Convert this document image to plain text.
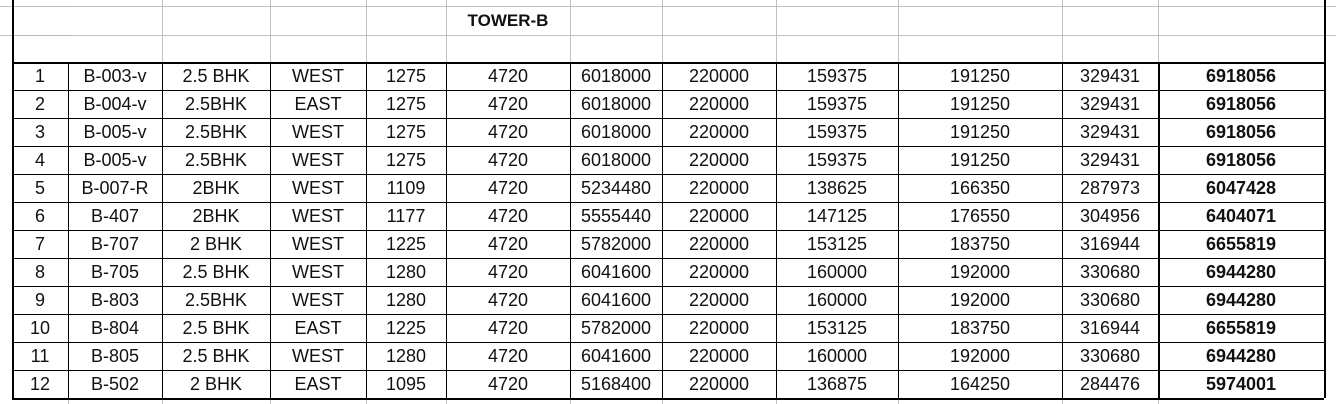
TOWER-B
1	B-003-v	2.5 BHK	WEST	1275	4720	6018000	220000	159375	191250	329431	6918056
2	B-004-v	2.5BHK	EAST	1275	4720	6018000	220000	159375	191250	329431	6918056
3	B-005-v	2.5BHK	WEST	1275	4720	6018000	220000	159375	191250	329431	6918056
4	B-005-v	2.5BHK	WEST	1275	4720	6018000	220000	159375	191250	329431	6918056
5	B-007-R	2BHK	WEST	1109	4720	5234480	220000	138625	166350	287973	6047428
6	B-407	2BHK	WEST	1177	4720	5555440	220000	147125	176550	304956	6404071
7	B-707	2 BHK	WEST	1225	4720	5782000	220000	153125	183750	316944	6655819
8	B-705	2.5 BHK	WEST	1280	4720	6041600	220000	160000	192000	330680	6944280
9	B-803	2.5BHK	WEST	1280	4720	6041600	220000	160000	192000	330680	6944280
10	B-804	2.5 BHK	EAST	1225	4720	5782000	220000	153125	183750	316944	6655819
11	B-805	2.5 BHK	WEST	1280	4720	6041600	220000	160000	192000	330680	6944280
12	B-502	2 BHK	EAST	1095	4720	5168400	220000	136875	164250	284476	5974001
